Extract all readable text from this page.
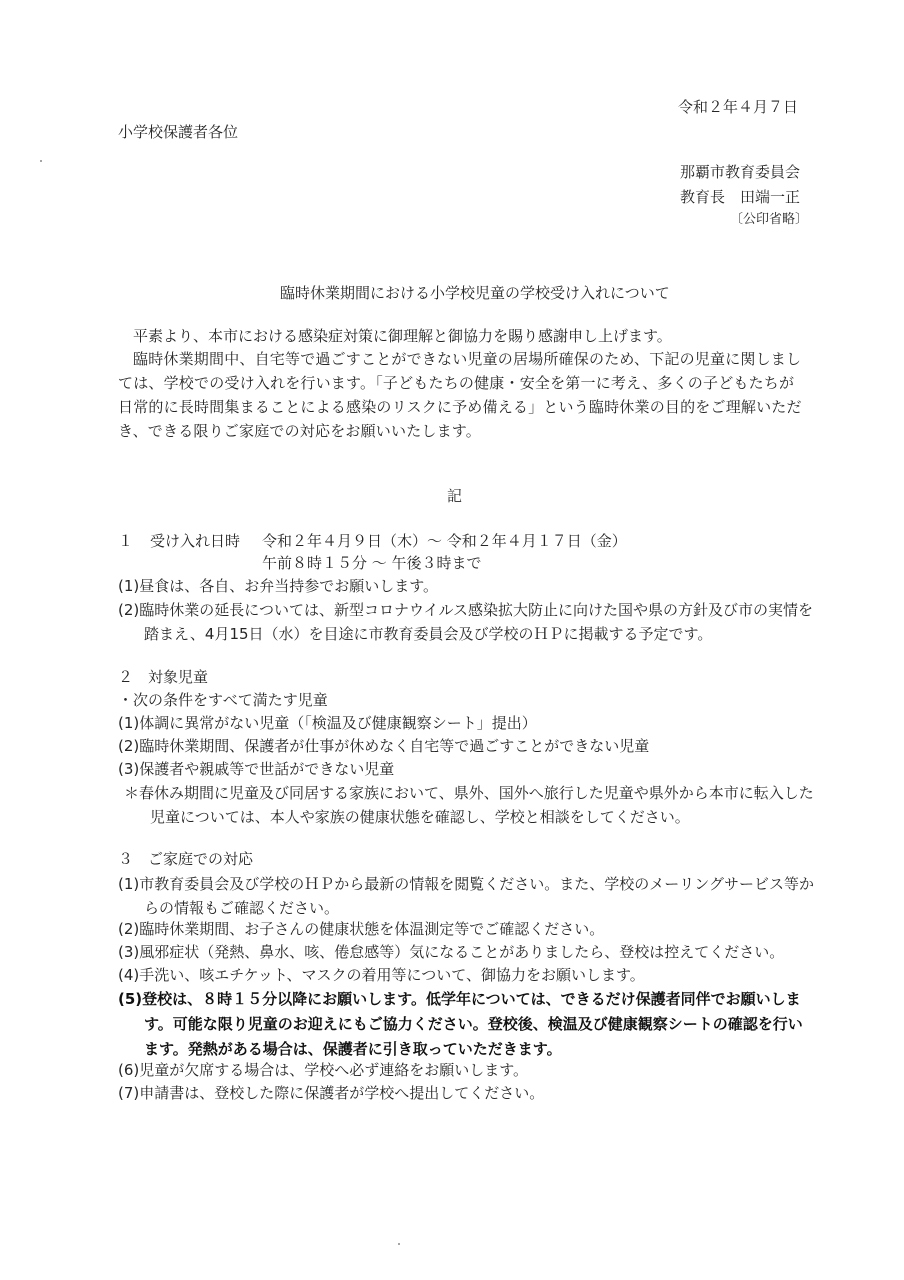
令和２年４月７日
小学校保護者各位
那覇市教育委員会
教育長　田端一正
〔公印省略〕
臨時休業期間における小学校児童の学校受け入れについて
平素より、本市における感染症対策に御理解と御協力を賜り感謝申し上げます。
臨時休業期間中、自宅等で過ごすことができない児童の居場所確保のため、下記の児童に関しましては、学校での受け入れを行います。「子どもたちの健康・安全を第一に考え、多くの子どもたちが日常的に長時間集まることによる感染のリスクに予め備える」という臨時休業の目的をご理解いただき、できる限りご家庭での対応をお願いいたします。
記
１ 受け入れ日時 令和２年４月９日（木）〜 令和２年４月１７日（金）
午前８時１５分 〜 午後３時まで
(1)昼食は、各自、お弁当持参でお願いします。
(2)臨時休業の延長については、新型コロナウイルス感染拡大防止に向けた国や県の方針及び市の実情を踏まえ、4月15日（水）を目途に市教育委員会及び学校のＨＰに掲載する予定です。
２　対象児童
・次の条件をすべて満たす児童
(1)体調に異常がない児童（「検温及び健康観察シート」提出）
(2)臨時休業期間、保護者が仕事が休めなく自宅等で過ごすことができない児童
(3)保護者や親戚等で世話ができない児童
＊春休み期間に児童及び同居する家族において、県外、国外へ旅行した児童や県外から本市に転入した児童については、本人や家族の健康状態を確認し、学校と相談をしてください。
３　ご家庭での対応
(1)市教育委員会及び学校のＨＰから最新の情報を閲覧ください。また、学校のメーリングサービス等からの情報もご確認ください。
(2)臨時休業期間、お子さんの健康状態を体温測定等でご確認ください。
(3)風邪症状（発熱、鼻水、咳、倦怠感等）気になることがありましたら、登校は控えてください。
(4)手洗い、咳エチケット、マスクの着用等について、御協力をお願いします。
(5)登校は、８時１５分以降にお願いします。低学年については、できるだけ保護者同伴でお願いします。可能な限り児童のお迎えにもご協力ください。登校後、検温及び健康観察シートの確認を行います。発熱がある場合は、保護者に引き取っていただきます。
(6)児童が欠席する場合は、学校へ必ず連絡をお願いします。
(7)申請書は、登校した際に保護者が学校へ提出してください。
